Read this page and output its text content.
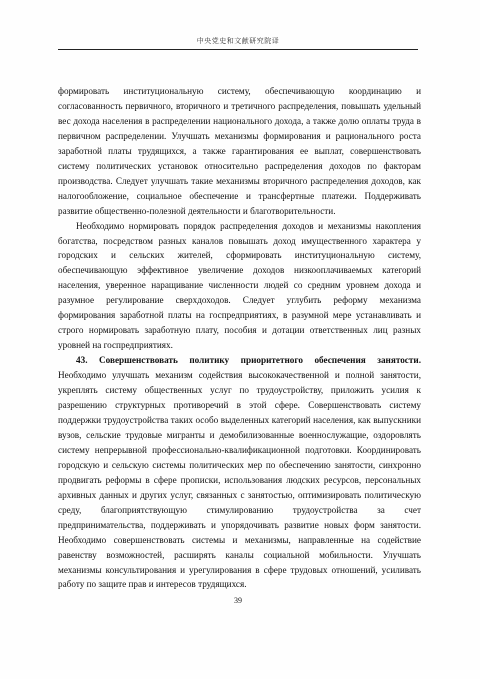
中央党史和文献研究院译

формировать институциональную систему, обеспечивающую координацию и согласованность первичного, вторичного и третичного распределения, повышать удельный вес дохода населения в распределении национального дохода, а также долю оплаты труда в первичном распределении. Улучшать механизмы формирования и рационального роста заработной платы трудящихся, а также гарантирования ее выплат, совершенствовать систему политических установок относительно распределения доходов по факторам производства. Следует улучшать такие механизмы вторичного распределения доходов, как налогообложение, социальное обеспечение и трансфертные платежи. Поддерживать развитие общественно-полезной деятельности и благотворительности.

Необходимо нормировать порядок распределения доходов и механизмы накопления богатства, посредством разных каналов повышать доход имущественного характера у городских и сельских жителей, сформировать институциональную систему, обеспечивающую эффективное увеличение доходов низкооплачиваемых категорий населения, уверенное наращивание численности людей со средним уровнем дохода и разумное регулирование сверхдоходов. Следует углубить реформу механизма формирования заработной платы на госпредприятиях, в разумной мере устанавливать и строго нормировать заработную плату, пособия и дотации ответственных лиц разных уровней на госпредприятиях.

43. Совершенствовать политику приоритетного обеспечения занятости. Необходимо улучшать механизм содействия высококачественной и полной занятости, укреплять систему общественных услуг по трудоустройству, приложить усилия к разрешению структурных противоречий в этой сфере. Совершенствовать систему поддержки трудоустройства таких особо выделенных категорий населения, как выпускники вузов, сельские трудовые мигранты и демобилизованные военнослужащие, оздоровлять систему непрерывной профессионально-квалификационной подготовки. Координировать городскую и сельскую системы политических мер по обеспечению занятости, синхронно продвигать реформы в сфере прописки, использования людских ресурсов, персональных архивных данных и других услуг, связанных с занятостью, оптимизировать политическую среду, благоприятствующую стимулированию трудоустройства за счет предпринимательства, поддерживать и упорядочивать развитие новых форм занятости. Необходимо совершенствовать системы и механизмы, направленные на содействие равенству возможностей, расширять каналы социальной мобильности. Улучшать механизмы консультирования и урегулирования в сфере трудовых отношений, усиливать работу по защите прав и интересов трудящихся.

39
